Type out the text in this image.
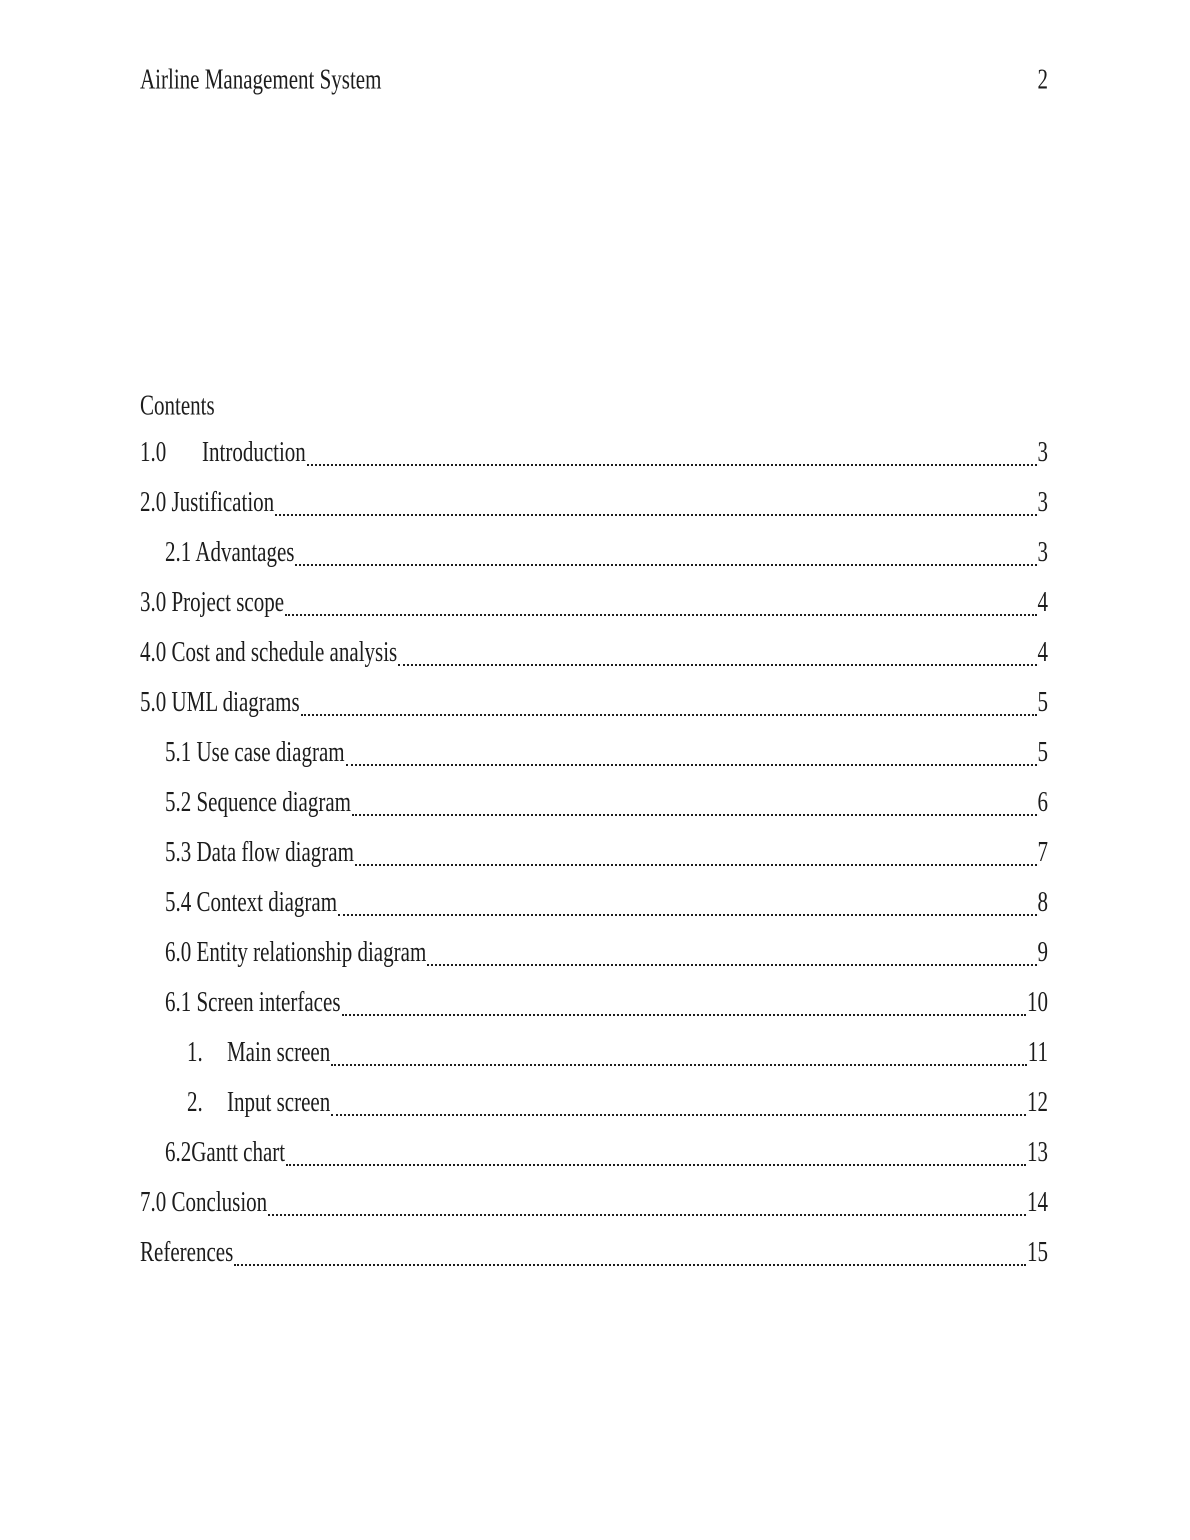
Airline Management System	2
Contents
1.0	Introduction	3
2.0 Justification	3
2.1 Advantages	3
3.0 Project scope	4
4.0 Cost and schedule analysis	4
5.0 UML diagrams	5
5.1 Use case diagram	5
5.2 Sequence diagram	6
5.3 Data flow diagram	7
5.4 Context diagram	8
6.0 Entity relationship diagram	9
6.1 Screen interfaces	10
1.	Main screen	11
2.	Input screen	12
6.2Gantt chart	13
7.0 Conclusion	14
References	15
